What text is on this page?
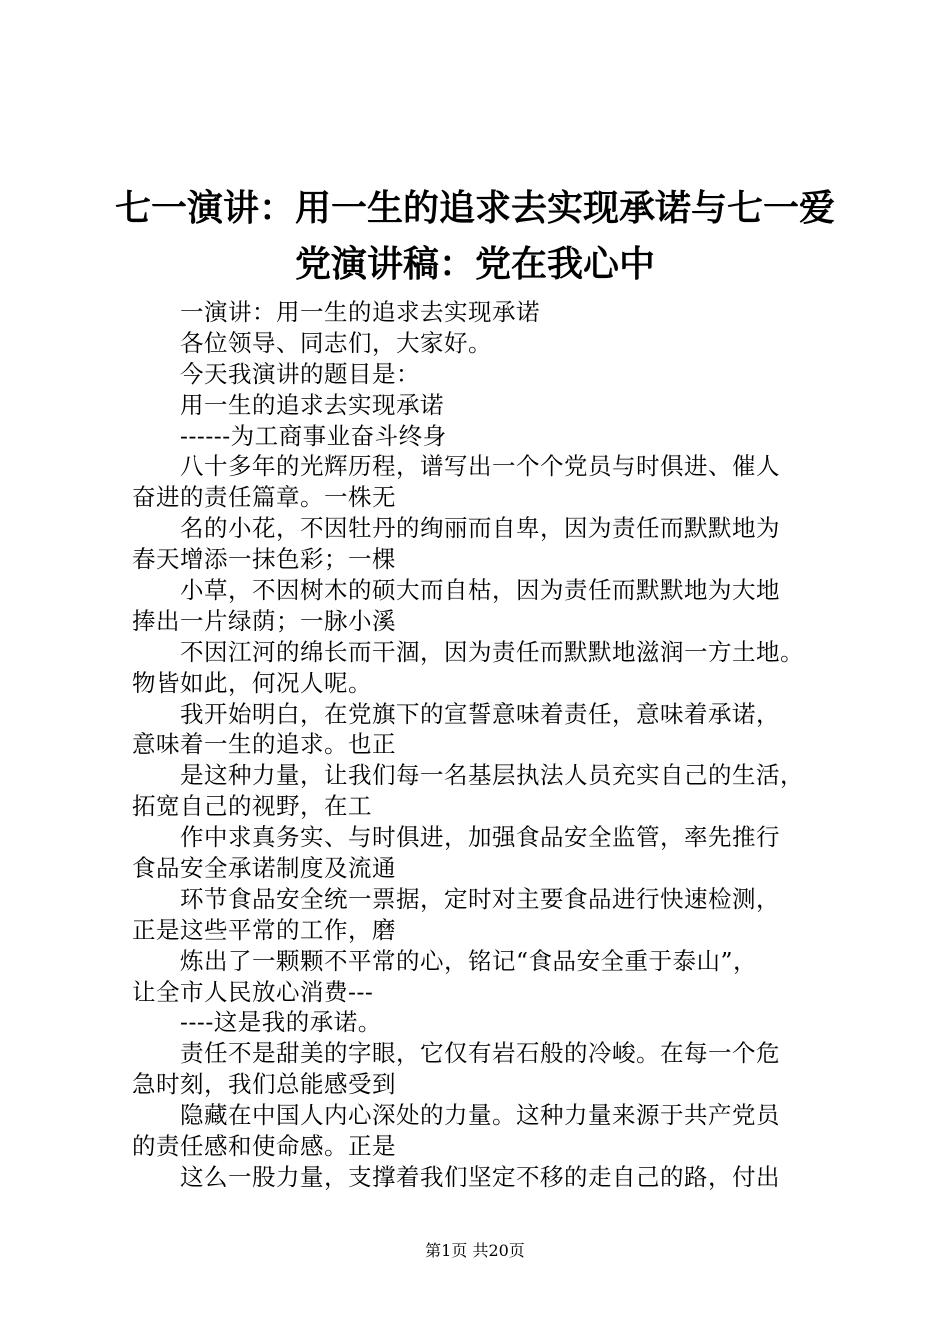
七一演讲：用一生的追求去实现承诺与七一爱
党演讲稿：党在我心中
一演讲：用一生的追求去实现承诺
各位领导、同志们，大家好。
今天我演讲的题目是：
用一生的追求去实现承诺
------为工商事业奋斗终身
八十多年的光辉历程，谱写出一个个党员与时俱进、催人
奋进的责任篇章。一株无
名的小花，不因牡丹的绚丽而自卑，因为责任而默默地为
春天增添一抹色彩；一棵
小草，不因树木的硕大而自枯，因为责任而默默地为大地
捧出一片绿荫；一脉小溪
不因江河的绵长而干涸，因为责任而默默地滋润一方土地。
物皆如此，何况人呢。
我开始明白，在党旗下的宣誓意味着责任，意味着承诺，
意味着一生的追求。也正
是这种力量，让我们每一名基层执法人员充实自己的生活，
拓宽自己的视野，在工
作中求真务实、与时俱进，加强食品安全监管，率先推行
食品安全承诺制度及流通
环节食品安全统一票据，定时对主要食品进行快速检测，
正是这些平常的工作，磨
炼出了一颗颗不平常的心，铭记“食品安全重于泰山”，
让全市人民放心消费---
----这是我的承诺。
责任不是甜美的字眼，它仅有岩石般的冷峻。在每一个危
急时刻，我们总能感受到
隐藏在中国人内心深处的力量。这种力量来源于共产党员
的责任感和使命感。正是
这么一股力量，支撑着我们坚定不移的走自己的路，付出
第1页 共20页
